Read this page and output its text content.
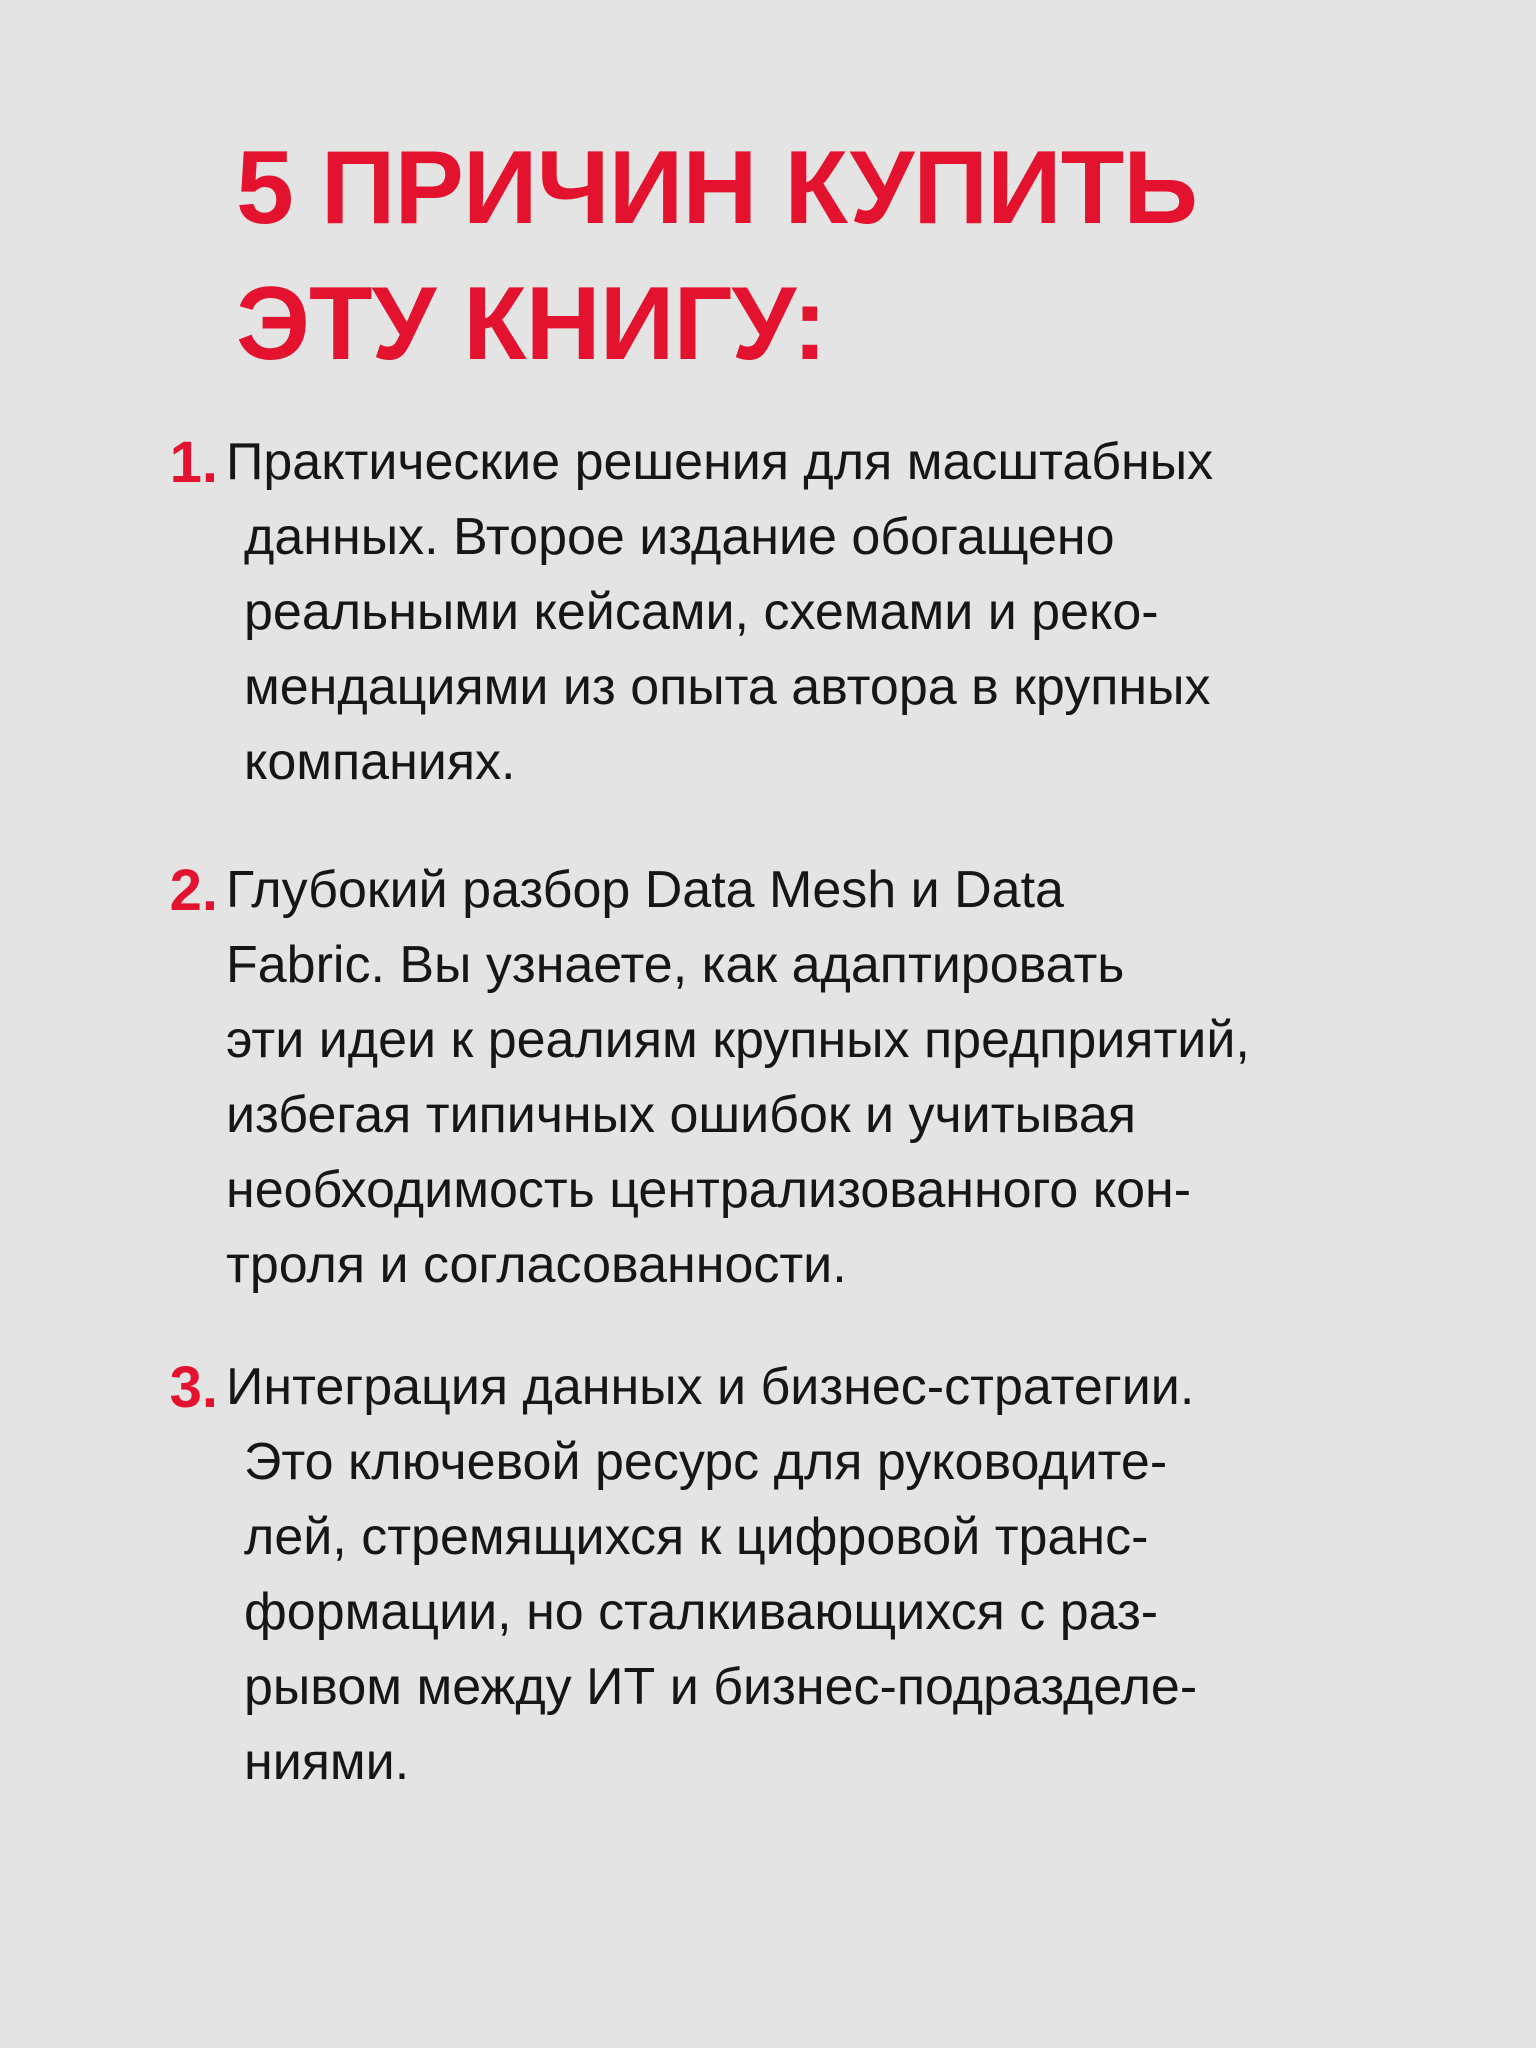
5 ПРИЧИН КУПИТЬ
ЭТУ КНИГУ:
1. Практические решения для масштабных
данных. Второе издание обогащено
реальными кейсами, схемами и реко-
мендациями из опыта автора в крупных
компаниях.
2. Глубокий разбор Data Mesh и Data
Fabric. Вы узнаете, как адаптировать
эти идеи к реалиям крупных предприятий,
избегая типичных ошибок и учитывая
необходимость централизованного кон-
троля и согласованности.
3. Интеграция данных и бизнес-стратегии.
Это ключевой ресурс для руководите-
лей, стремящихся к цифровой транс-
формации, но сталкивающихся с раз-
рывом между ИТ и бизнес-подразделе-
ниями.
